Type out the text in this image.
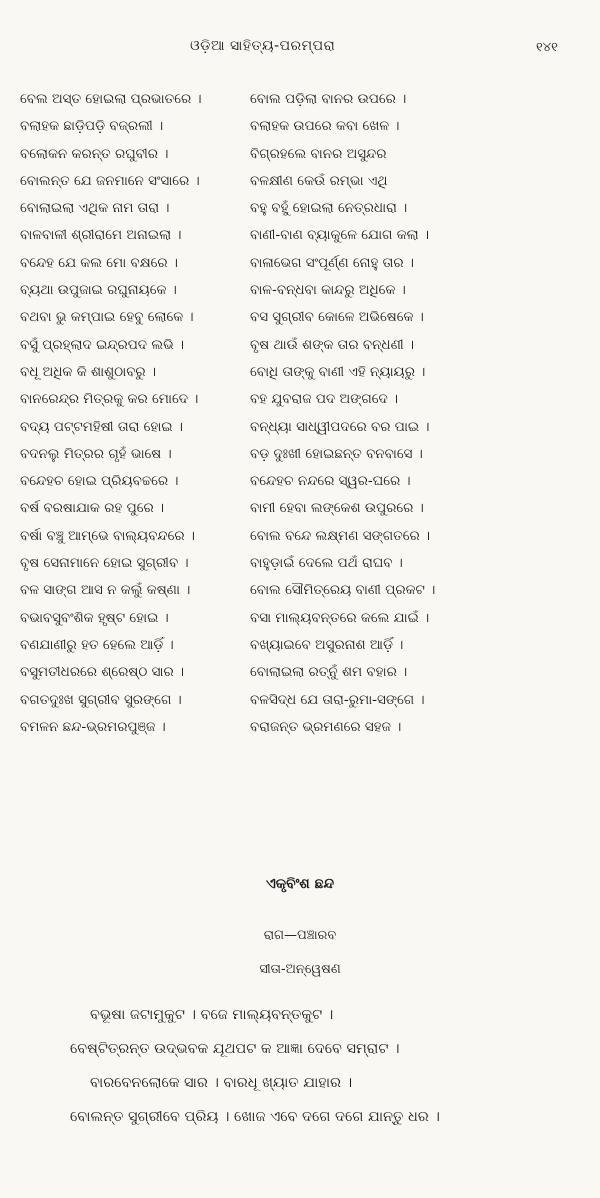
ଓଡ଼ିଆ ସାହିତ୍ୟ-ପରମ୍ପରା	୧୪୧
ବେଲ ଅସ୍ତ ହୋଇଲା ପ୍ରଭାତରେ ।	ବୋଲ ପଡ଼ିଲା ବାନର ଉପରେ ।
ବଲାହକ ଛାଡ଼ିପଡ଼ି ବଜ୍ରଲୀ ।	ବଲାହକ ଉପରେ କବା ଖେଳ ।
ବଲୋକନ କରନ୍ତ ରଘୁବୀର ।	ବିଗ୍ରହଲେ ବାନର ଅସୁନ୍ଦର
ବୋଲନ୍ତ ଯେ ଜନମାନେ ସଂସାରେ ।	ବଳକ୍ଷୀଣ କେଉଁ ରମ୍ଭା ଏଥି
ବୋଲାଇଲା ଏଥିକ ନାମ ତାରା ।	ବହୁ ବହୁଁ ହୋଇଲା ନେତ୍ରଧାରା ।
ବାଳବାଳୀ ଶ୍ରୀରାମେ ଅନାଇଲା ।	ବାଣୀ-ବାଣ ବ୍ୟାକୁଳେ ଯୋଗ କଲା ।
ବନ୍ଦେହ ଯେ କଲ ମୋ ବକ୍ଷରେ ।	ବାଳାଭେଗ ସଂପୂର୍ଣ୍ଣ ନୋହୁ ତାର ।
ବ୍ୟଥା ଉପୁଜାଇ ରଘୁନାୟକେ ।	ବାଳ-ବନ୍ଧବା କାନ୍ଦରୁ ଅଧିକେ ।
ବଥବା ଭୁ କମ୍ପାଇ ହେବୁ ଲୋକେ ।	ବସ ସୁଗ୍ରୀବ କୋଳେ ଅଭିଷେକେ ।
ବସୁଁ ପ୍ରହ୍ଲାଦ ଇନ୍ଦ୍ରପଦ ଲଭି ।	ବୃଷ ଥାଉଁ ଶଙ୍କ ତାର ବନ୍ଧଣୀ ।
ବଧୂ ଅଧିକ କି ଶାଶୁଠାବରୁ ।	ବୋଧି ତାଙ୍କୁ ବାଣୀ ଏହି ନ୍ୟାୟରୁ ।
ବାନରେନ୍ଦ୍ର ମିତ୍ରକୁ କର ମୋଦେ ।	ବହ ଯୁବରାଜ ପଦ ଅଙ୍ଗଦେ ।
ବଦ୍ୟ ପଟ୍ଟମହିଷୀ ତାରା ହୋଇ ।	ବନ୍ଧ୍ୟା ସାଧ୍ୱୀପଦରେ ବର ପାଇ ।
ବଦନଲୁ ମିତ୍ରର ଗୃହଁ ଭାଷେ ।	ବଡ଼ ଦୁଃଖୀ ହୋଇଛନ୍ତ ବନବାସେ ।
ବନ୍ଦେହଚ ହୋଇ ପ୍ରିୟବଚ୍ଚରେ ।	ବନ୍ଦେହଚ ନନ୍ଦରେ ସ୍ୱର-ଘରେ ।
ବର୍ଷ ବରଷାଯାକ ରହ ପୁରେ ।	ବାମୀ ହେବା ଲଙ୍କେଶ ଉପୁରରେ ।
ବର୍ଷା ବଞ୍ଚୁ ଆମ୍ଭେ ବାଲ୍ୟବନ୍ଦରେ ।	ବୋଲ ବନ୍ଦେ ଲକ୍ଷ୍ମଣ ସଙ୍ଗତରେ ।
ବୃଷ ସେନାମାନେ ହୋଇ ସୁଗ୍ରୀବ ।	ବାହୁଡ଼ାଇଁ ଦେଲେ ପଥଁ ରାଘବ ।
ବଳ ସାଙ୍ଗ ଆସ ନ କଲୁଁ କଷ୍ଣା ।	ବୋଲ ସୌମିତ୍ରେୟ ବାଣୀ ପ୍ରକଟ ।
ବଭାବସୁବଂଶିକ ହୃଷ୍ଟ ହୋଇ ।	ବସା ମାଲ୍ୟବନ୍ତରେ କଲେ ଯାଇଁ ।
ବଣଯାଣୀରୁ ହତ ହେଲେ ଆଡ଼ିଁ ।	ବଖ୍ୟାଇବେ ଅସୁରନାଶ ଆଡ଼ିଁ ।
ବସୁମତୀଧରରେ ଶ୍ରେଷ୍ଠ ସାର ।	ବୋଲାଇଲା ରତ୍ନୁଁ ଶମ ବହାର ।
ବଗତଦୁଃଖ ସୁଗ୍ରୀବ ସୁରଙ୍ଗେ ।	ବଳସିଦ୍ଧ ଯେ ତାରା-ରୁମା-ସଙ୍ଗେ ।
ବମଳନ ଛନ୍ଦ-ଭ୍ରମରପୁଞ୍ଜ ।	ବରାଜନ୍ତ ଭ୍ରମଣରେ ସହଜ ।
ଏକୃବିଂଶ ଛନ୍ଦ
ରାଗ—ପଞ୍ଚାରବ
ସୀତା-ଅନ୍ୱେଷଣ
ବଭୂଷା ଜଟାମୁକୁଟ । ବଜେ ମାଲ୍ୟବନ୍ତକୁଟ ।
ବେଷ୍ଟିତ୍ରନ୍ତ ଉଦ୍ଭବକ ଯୂଥପଟ କ ଆଜ୍ଞା ଦେବେ ସମ୍ରାଟ ।
ବାରବେନଲୋକେ ସାର । ବାରଧୂ ଖ୍ୟାତ ଯାହାର ।
ବୋଲନ୍ତ ସୁଗ୍ରୀବେ ପ୍ରିୟ । ଖୋଜ ଏବେ ଦଗେ ଦଗେ ଯାନ୍ତୁ ଧର ।
